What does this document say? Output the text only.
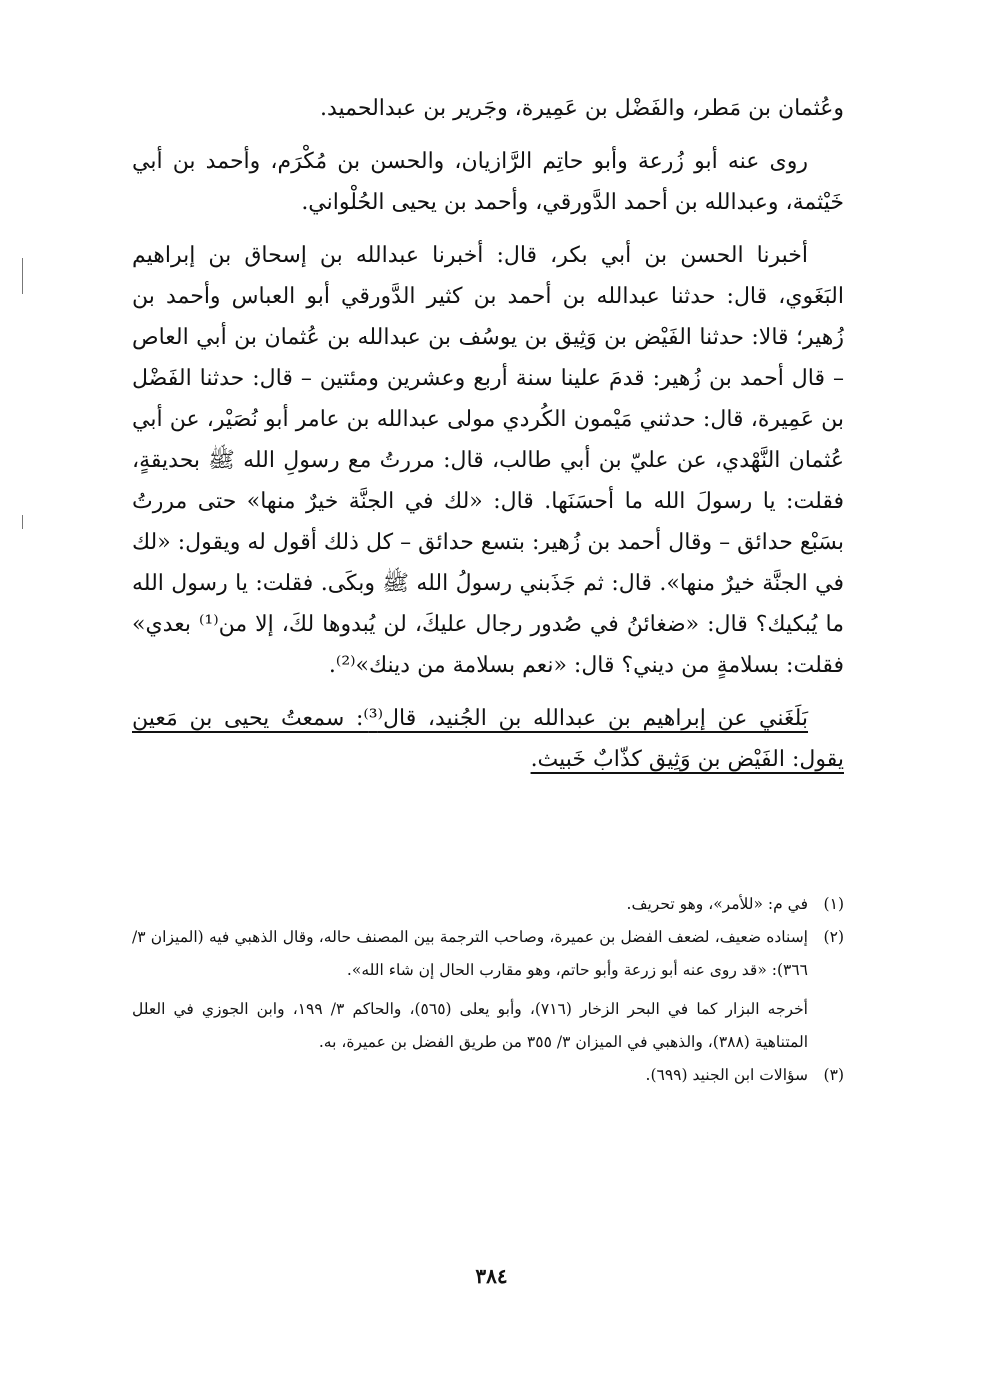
وعُثمان بن مَطر، والفَضْل بن عَمِيرة، وجَرير بن عبدالحميد.

روى عنه أبو زُرعة وأبو حاتِم الرَّازيان، والحسن بن مُكْرَم، وأحمد بن أبي خَيْثمة، وعبدالله بن أحمد الدَّورقي، وأحمد بن يحيى الحُلْواني.

أخبرنا الحسن بن أبي بكر، قال: أخبرنا عبدالله بن إسحاق بن إبراهيم البَغَوي، قال: حدثنا عبدالله بن أحمد بن كثير الدَّورقي أبو العباس وأحمد بن زُهير؛ قالا: حدثنا الفَيْض بن وَثِيق بن يوسُف بن عبدالله بن عُثمان بن أبي العاص – قال أحمد بن زُهير: قدمَ علينا سنة أربع وعشرين ومئتين – قال: حدثنا الفَضْل بن عَمِيرة، قال: حدثني مَيْمون الكُردي مولى عبدالله بن عامر أبو نُصَيْر، عن أبي عُثمان النَّهْدي، عن عليّ بن أبي طالب، قال: مررتُ مع رسولِ الله ﷺ بحديقةٍ، فقلت: يا رسولَ الله ما أحسَنَها. قال: «لك في الجنَّة خيرٌ منها» حتى مررتُ بسَبْع حدائق – وقال أحمد بن زُهير: بتسع حدائق – كل ذلك أقول له ويقول: «لك في الجنَّة خيرٌ منها». قال: ثم جَذَبني رسولُ الله ﷺ وبكَى. فقلت: يا رسول الله ما يُبكيك؟ قال: «ضغائنُ في صُدور رجال عليكَ، لن يُبدوها لكَ، إلا من⁽¹⁾ بعدي» فقلت: بسلامةٍ من ديني؟ قال: «نعم بسلامة من دينك»⁽²⁾.

بَلَغَني عن إبراهيم بن عبدالله بن الجُنيد، قال⁽³⁾: سمعتُ يحيى بن مَعين يقول: الفَيْض بن وَثِيق كذّابٌ خَبيث.

(١)

في م: «للأمر»، وهو تحريف.

(٢)

إسناده ضعيف، لضعف الفضل بن عميرة، وصاحب الترجمة بين المصنف حاله، وقال الذهبي فيه (الميزان ٣/ ٣٦٦): «قد روى عنه أبو زرعة وأبو حاتم، وهو مقارب الحال إن شاء الله».

أخرجه البزار كما في البحر الزخار (٧١٦)، وأبو يعلى (٥٦٥)، والحاكم ٣/ ١٩٩، وابن الجوزي في العلل المتناهية (٣٨٨)، والذهبي في الميزان ٣/ ٣٥٥ من طريق الفضل بن عميرة، به.

(٣)

سؤالات ابن الجنيد (٦٩٩).

٣٨٤
